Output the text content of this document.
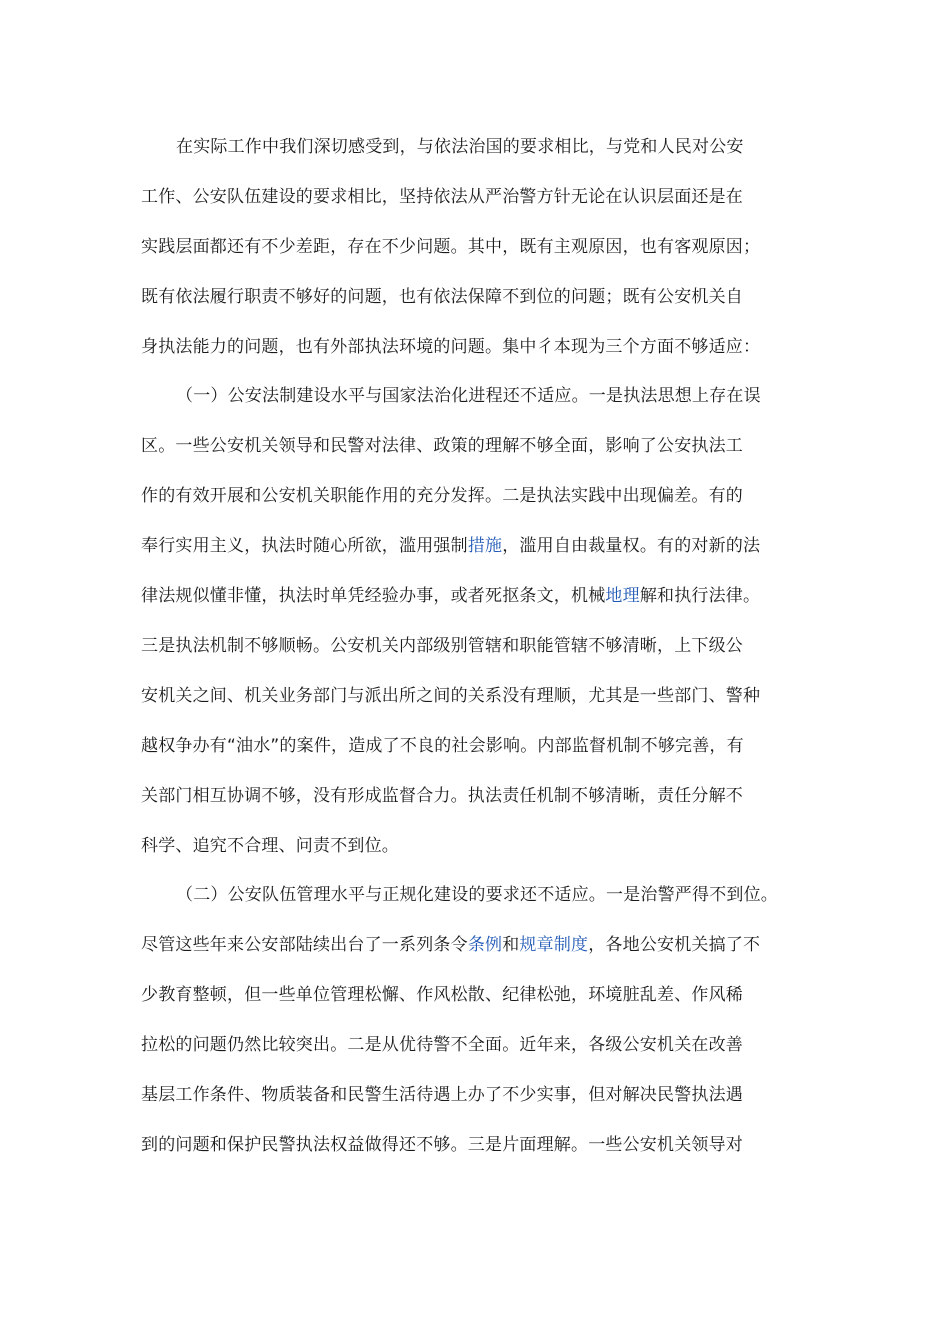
在实际工作中我们深切感受到，与依法治国的要求相比，与党和人民对公安
工作、公安队伍建设的要求相比，坚持依法从严治警方针无论在认识层面还是在
实践层面都还有不少差距，存在不少问题。其中，既有主观原因，也有客观原因；
既有依法履行职责不够好的问题，也有依法保障不到位的问题；既有公安机关自
身执法能力的问题，也有外部执法环境的问题。集中彳本现为三个方面不够适应：
（一）公安法制建设水平与国家法治化进程还不适应。一是执法思想上存在误
区。一些公安机关领导和民警对法律、政策的理解不够全面，影响了公安执法工
作的有效开展和公安机关职能作用的充分发挥。二是执法实践中出现偏差。有的
奉行实用主义，执法时随心所欲，滥用强制措施，滥用自由裁量权。有的对新的法
律法规似懂非懂，执法时单凭经验办事，或者死抠条文，机械地理解和执行法律。
三是执法机制不够顺畅。公安机关内部级别管辖和职能管辖不够清晰，上下级公
安机关之间、机关业务部门与派出所之间的关系没有理顺，尤其是一些部门、警种
越权争办有“油水”的案件，造成了不良的社会影响。内部监督机制不够完善，有
关部门相互协调不够，没有形成监督合力。执法责任机制不够清晰，责任分解不
科学、追究不合理、问责不到位。
（二）公安队伍管理水平与正规化建设的要求还不适应。一是治警严得不到位。
尽管这些年来公安部陆续出台了一系列条令条例和规章制度，各地公安机关搞了不
少教育整顿，但一些单位管理松懈、作风松散、纪律松弛，环境脏乱差、作风稀
拉松的问题仍然比较突出。二是从优待警不全面。近年来，各级公安机关在改善
基层工作条件、物质装备和民警生活待遇上办了不少实事，但对解决民警执法遇
到的问题和保护民警执法权益做得还不够。三是片面理解。一些公安机关领导对
